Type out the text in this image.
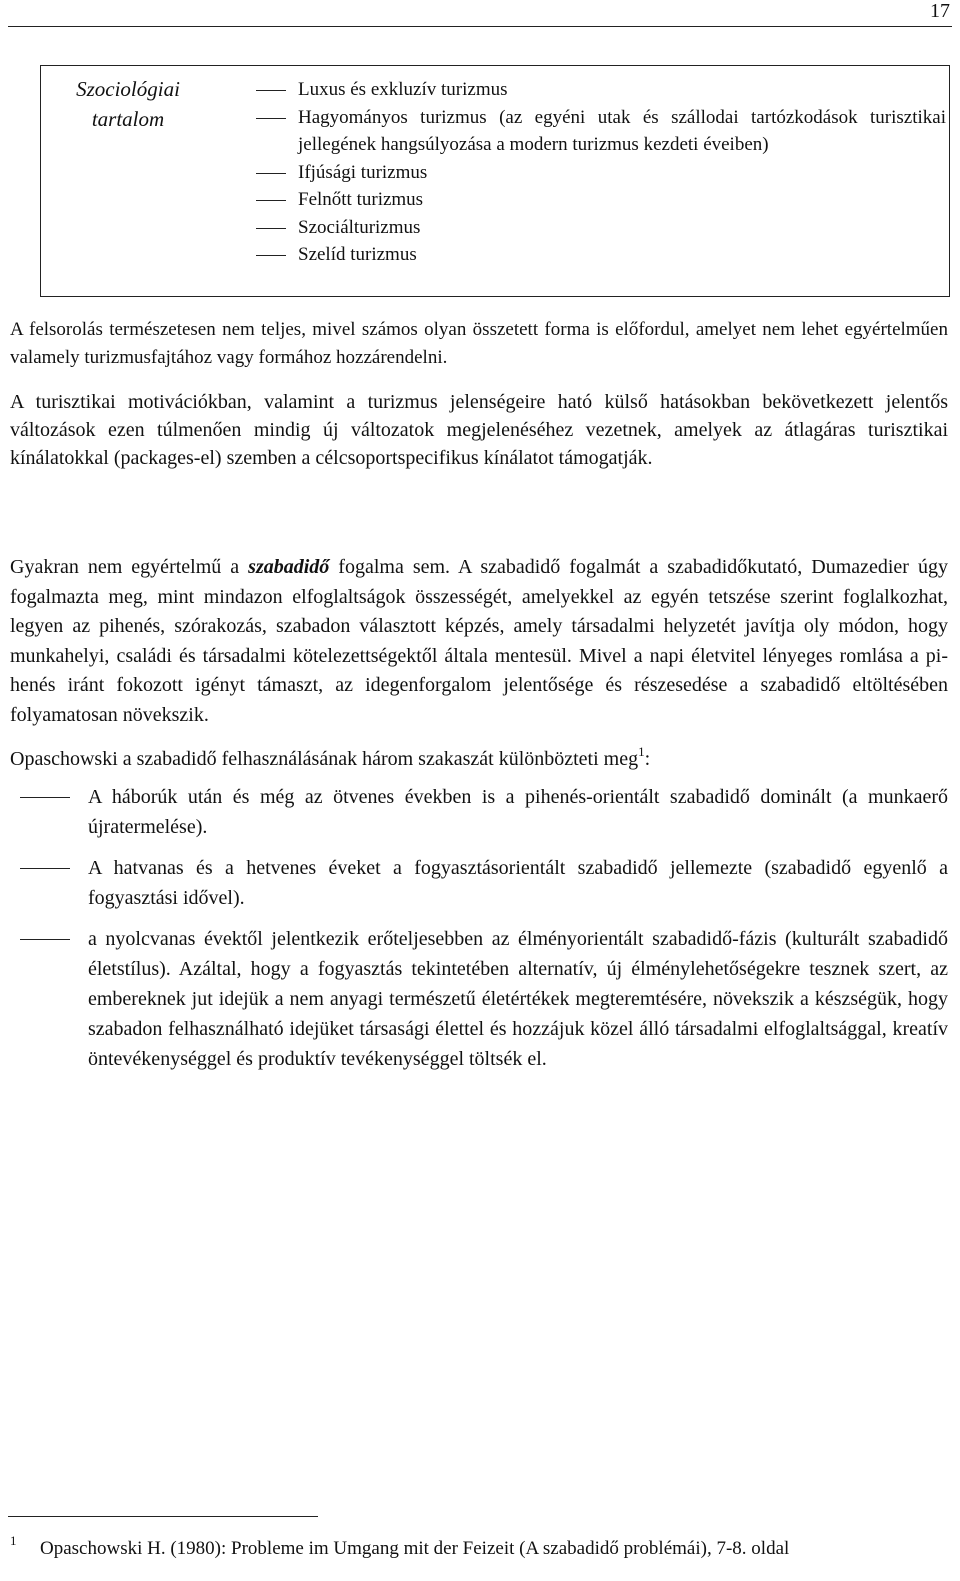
17
Szociológiai
tartalom
Luxus és exkluzív turizmus
Hagyományos turizmus (az egyéni utak és szállodai tartózkodások turisztikai jellegének hangsúlyozása a modern turizmus kezdeti éveiben)
Ifjúsági turizmus
Felnőtt turizmus
Szociálturizmus
Szelíd turizmus
A felsorolás természetesen nem teljes, mivel számos olyan összetett forma is előfordul, amelyet nem lehet egyértelműen valamely turizmusfajtához vagy formához hozzárendelni.
A turisztikai motivációkban, valamint a turizmus jelenségeire ható külső hatásokban bekövetkezett jelentős változások ezen túlmenően mindig új változatok megjelenéséhez vezetnek, amelyek az átlagáras turisztikai kínálatokkal (packages-el) szemben a célcsoportspecifikus kínálatot támogatják.
Gyakran nem egyértelmű a szabadidő fogalma sem. A szabadidő fogalmát a szabadidőkutató, Dumazedier úgy fogalmazta meg, mint mindazon elfoglaltságok összességét, amelyekkel az egyén tetszése szerint foglalkozhat, legyen az pihenés, szórakozás, szabadon választott képzés, amely társadalmi helyzetét javítja oly módon, hogy munkahelyi, családi és társadalmi kötelezettségektől általa mentesül. Mivel a napi életvitel lényeges romlása a pihenés iránt fokozott igényt támaszt, az idegenforgalom jelentősége és részesedése a szabadidő eltöltésében folyamatosan növekszik.
Opaschowski a szabadidő felhasználásának három szakaszát különbözteti meg$^1$:
A háborúk után és még az ötvenes években is a pihenés-orientált szabadidő dominált (a munkaerő újratermelése).
A hatvanas és a hetvenes éveket a fogyasztásorientált szabadidő jellemezte (szabadidő egyenlő a fogyasztási idővel).
a nyolcvanas évektől jelentkezik erőteljesebben az élményorientált szabadidő-fázis (kulturált szabadidő életstílus). Azáltal, hogy a fogyasztás tekintetében alternatív, új élménylehetőségekre tesznek szert, az embereknek jut idejük a nem anyagi természetű életértékek megteremtésére, növekszik a készségük, hogy szabadon felhasználható idejüket társasági élettel és hozzájuk közel álló társadalmi elfoglaltsággal, kreatív öntevékenységgel és produktív tevékenységgel töltsék el.
1 Opaschowski H. (1980): Probleme im Umgang mit der Feizeit (A szabadidő problémái), 7-8. oldal
